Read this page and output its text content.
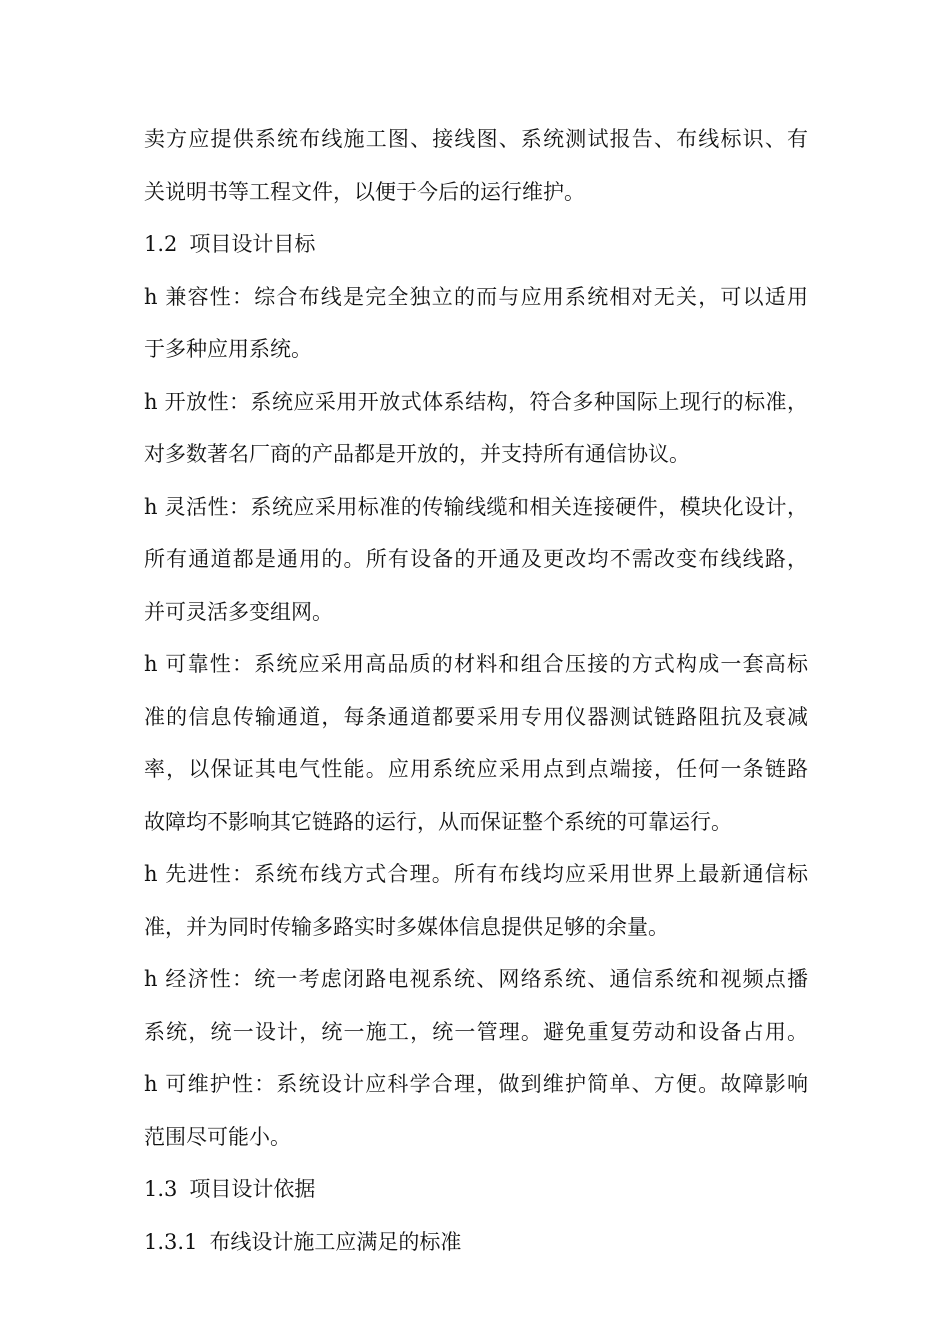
卖方应提供系统布线施工图、接线图、系统测试报告、布线标识、有
关说明书等工程文件，以便于今后的运行维护。
1.2 项目设计目标
h 兼容性：综合布线是完全独立的而与应用系统相对无关，可以适用
于多种应用系统。
h 开放性：系统应采用开放式体系结构，符合多种国际上现行的标准，
对多数著名厂商的产品都是开放的，并支持所有通信协议。
h 灵活性：系统应采用标准的传输线缆和相关连接硬件，模块化设计，
所有通道都是通用的。所有设备的开通及更改均不需改变布线线路，
并可灵活多变组网。
h 可靠性：系统应采用高品质的材料和组合压接的方式构成一套高标
准的信息传输通道，每条通道都要采用专用仪器测试链路阻抗及衰减
率，以保证其电气性能。应用系统应采用点到点端接，任何一条链路
故障均不影响其它链路的运行，从而保证整个系统的可靠运行。
h 先进性：系统布线方式合理。所有布线均应采用世界上最新通信标
准，并为同时传输多路实时多媒体信息提供足够的余量。
h 经济性：统一考虑闭路电视系统、网络系统、通信系统和视频点播
系统，统一设计，统一施工，统一管理。避免重复劳动和设备占用。
h 可维护性：系统设计应科学合理，做到维护简单、方便。故障影响
范围尽可能小。
1.3 项目设计依据
1.3.1 布线设计施工应满足的标准
